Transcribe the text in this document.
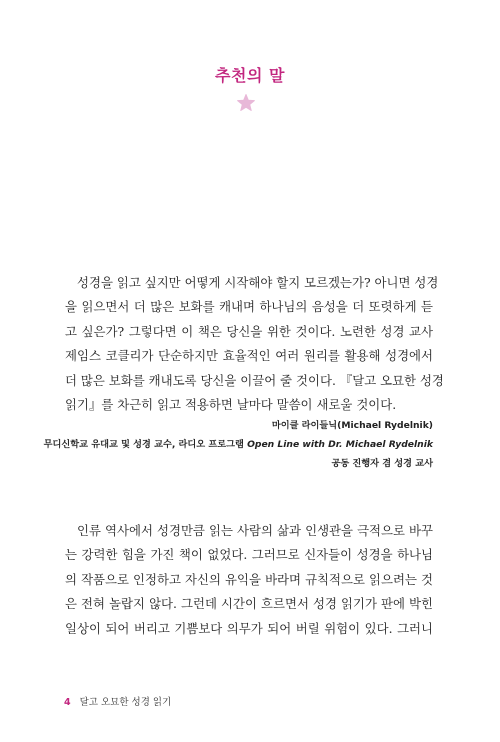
추천의 말
성경을 읽고 싶지만 어떻게 시작해야 할지 모르겠는가? 아니면 성경
을 읽으면서 더 많은 보화를 캐내며 하나님의 음성을 더 또렷하게 듣
고 싶은가? 그렇다면 이 책은 당신을 위한 것이다. 노련한 성경 교사
제임스 코클리가 단순하지만 효율적인 여러 원리를 활용해 성경에서
더 많은 보화를 캐내도록 당신을 이끌어 줄 것이다. 『달고 오묘한 성경
읽기』를 차근히 읽고 적용하면 날마다 말씀이 새로울 것이다.
마이클 라이들닉(Michael Rydelnik)
무디신학교 유대교 및 성경 교수, 라디오 프로그램 Open Line with Dr. Michael Rydelnik
공동 진행자 겸 성경 교사
인류 역사에서 성경만큼 읽는 사람의 삶과 인생관을 극적으로 바꾸
는 강력한 힘을 가진 책이 없었다. 그러므로 신자들이 성경을 하나님
의 작품으로 인정하고 자신의 유익을 바라며 규칙적으로 읽으려는 것
은 전혀 놀랍지 않다. 그런데 시간이 흐르면서 성경 읽기가 판에 박힌
일상이 되어 버리고 기쁨보다 의무가 되어 버릴 위험이 있다. 그러니
4 달고 오묘한 성경 읽기
